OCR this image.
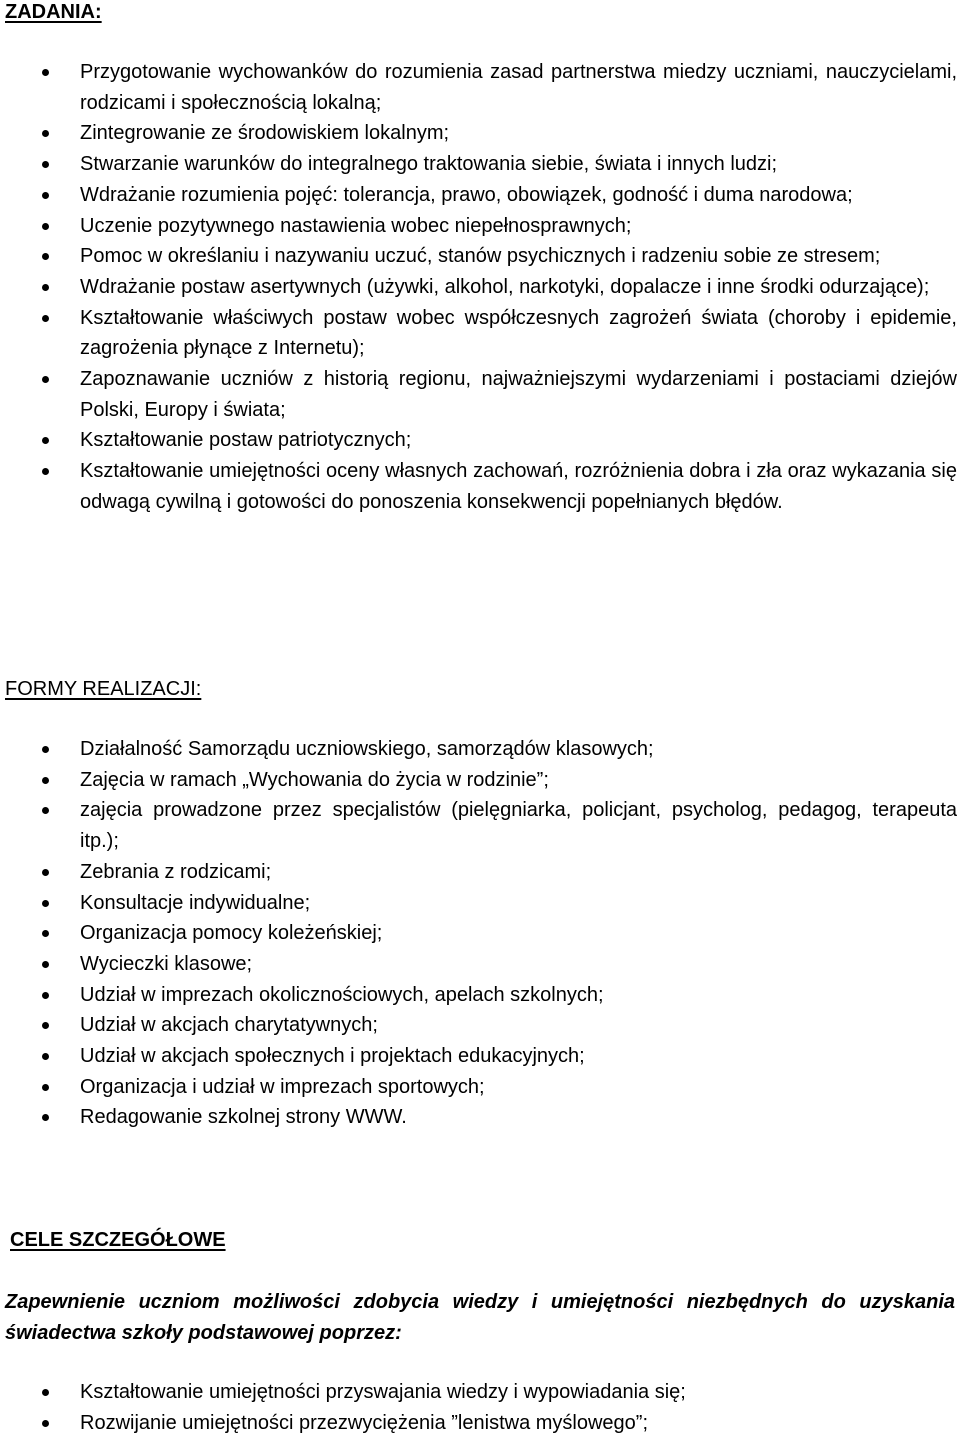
ZADANIA:
Przygotowanie wychowanków do rozumienia zasad partnerstwa miedzy uczniami, nauczycielami, rodzicami i społecznością lokalną;
Zintegrowanie ze środowiskiem lokalnym;
Stwarzanie warunków do integralnego traktowania siebie, świata i innych ludzi;
Wdrażanie rozumienia pojęć: tolerancja, prawo, obowiązek, godność i duma narodowa;
Uczenie pozytywnego nastawienia wobec niepełnosprawnych;
Pomoc w określaniu i nazywaniu uczuć, stanów psychicznych i radzeniu sobie ze stresem;
Wdrażanie postaw asertywnych (używki, alkohol, narkotyki, dopalacze i inne środki odurzające);
Kształtowanie właściwych postaw wobec współczesnych zagrożeń świata (choroby i epidemie, zagrożenia płynące z Internetu);
Zapoznawanie uczniów z historią regionu, najważniejszymi wydarzeniami i postaciami dziejów Polski, Europy i świata;
Kształtowanie postaw patriotycznych;
Kształtowanie umiejętności oceny własnych zachowań, rozróżnienia dobra i zła oraz wykazania się odwagą cywilną i gotowości do ponoszenia konsekwencji popełnianych błędów.
FORMY REALIZACJI:
Działalność Samorządu uczniowskiego, samorządów klasowych;
Zajęcia w ramach „Wychowania do życia w rodzinie”;
zajęcia prowadzone przez specjalistów (pielęgniarka, policjant, psycholog, pedagog, terapeuta itp.);
Zebrania z rodzicami;
Konsultacje indywidualne;
Organizacja pomocy koleżeńskiej;
Wycieczki klasowe;
Udział w imprezach okolicznościowych, apelach szkolnych;
Udział w akcjach charytatywnych;
Udział w akcjach społecznych i projektach edukacyjnych;
Organizacja i udział w imprezach sportowych;
Redagowanie szkolnej strony WWW.
CELE SZCZEGÓŁOWE
Zapewnienie uczniom możliwości zdobycia wiedzy i umiejętności niezbędnych do uzyskania świadectwa szkoły podstawowej poprzez:
Kształtowanie umiejętności przyswajania wiedzy i wypowiadania się;
Rozwijanie umiejętności przezwyciężenia ”lenistwa myślowego”;
